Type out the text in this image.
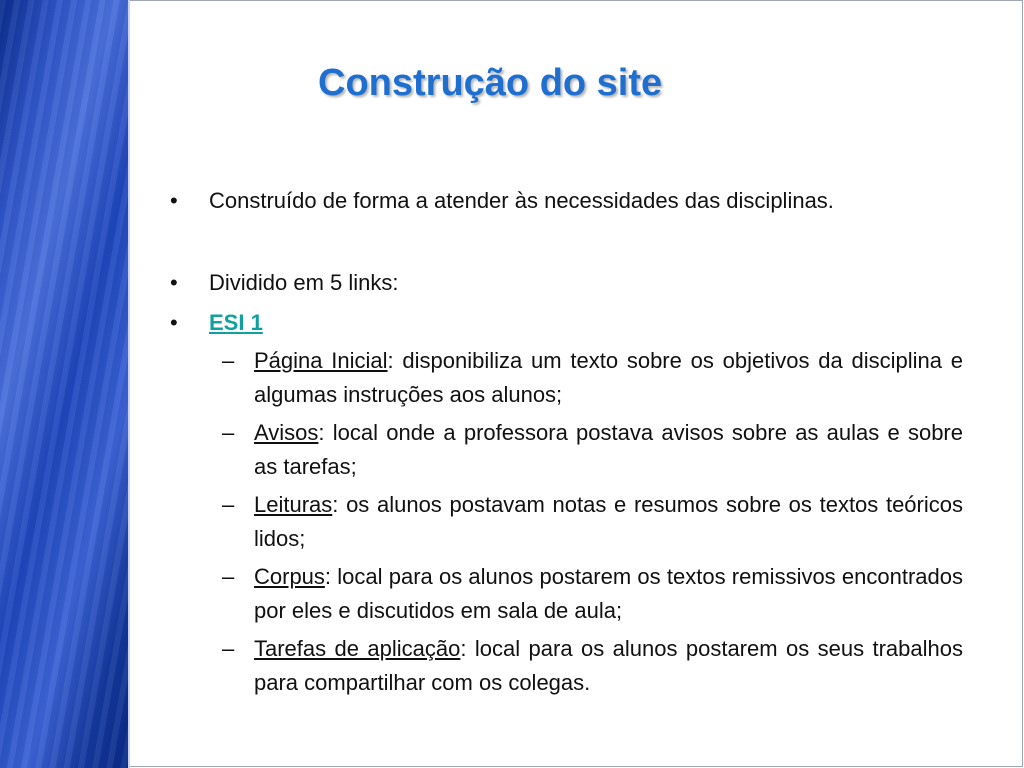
Construção do site
•	Construído de forma a atender às necessidades das disciplinas.
•	Dividido em 5 links:
•	ESI 1
– Página Inicial: disponibiliza um texto sobre os objetivos da disciplina e algumas instruções aos alunos;
– Avisos: local onde a professora postava avisos sobre as aulas e sobre as tarefas;
– Leituras: os alunos postavam notas e resumos sobre os textos teóricos lidos;
– Corpus: local para os alunos postarem os textos remissivos encontrados por eles e discutidos em sala de aula;
– Tarefas de aplicação: local para os alunos postarem os seus trabalhos para compartilhar com os colegas.
